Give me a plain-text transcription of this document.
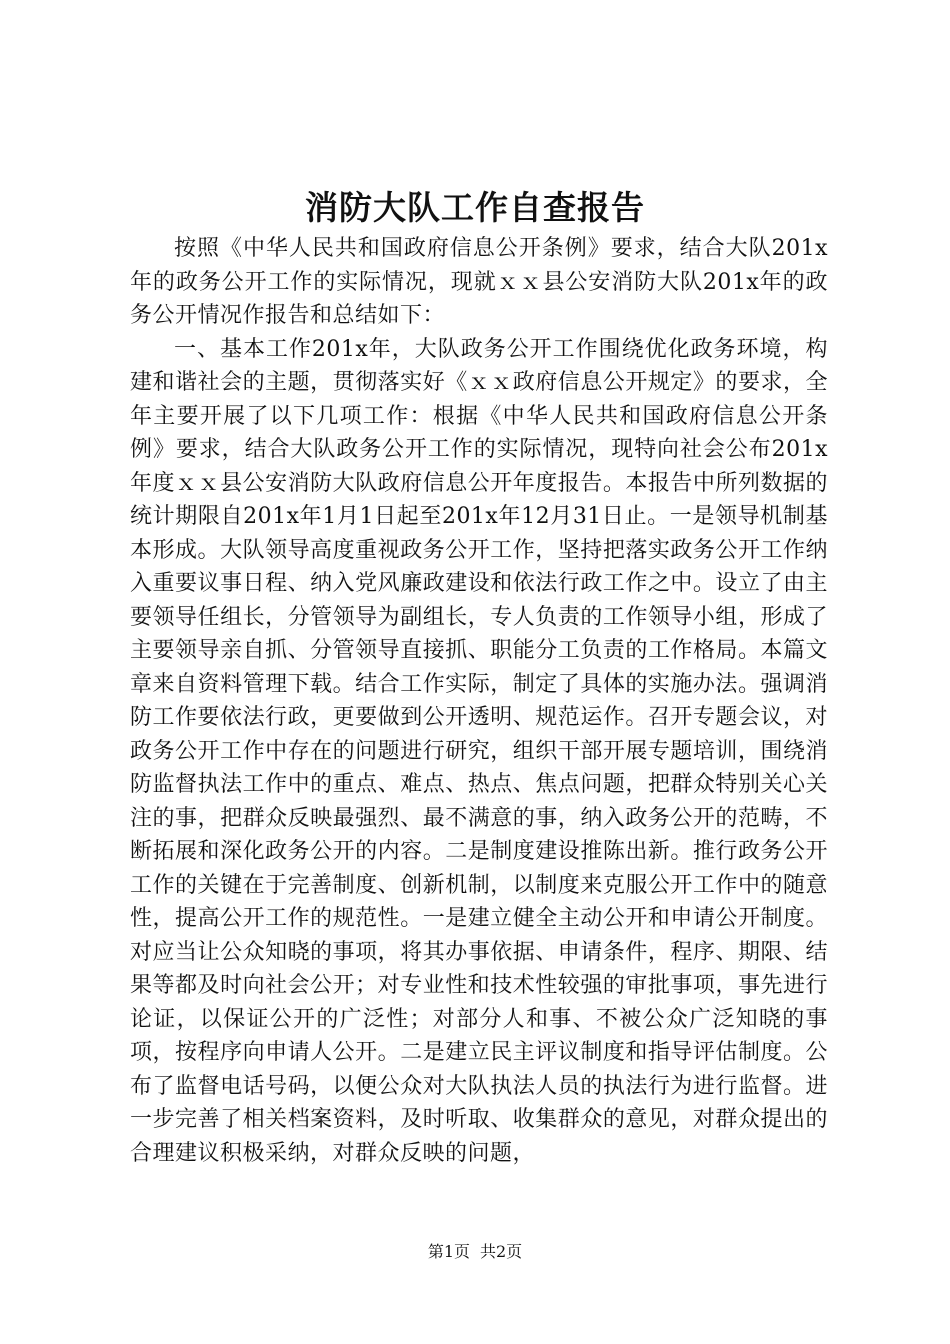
消防大队工作自查报告

按照《中华人民共和国政府信息公开条例》要求，结合大队201x年的政务公开工作的实际情况，现就ｘｘ县公安消防大队201x年的政务公开情况作报告和总结如下：

一、基本工作201x年，大队政务公开工作围绕优化政务环境，构建和谐社会的主题，贯彻落实好《ｘｘ政府信息公开规定》的要求，全年主要开展了以下几项工作：根据《中华人民共和国政府信息公开条例》要求，结合大队政务公开工作的实际情况，现特向社会公布201x年度ｘｘ县公安消防大队政府信息公开年度报告。本报告中所列数据的统计期限自201x年1月1日起至201x年12月31日止。一是领导机制基本形成。大队领导高度重视政务公开工作，坚持把落实政务公开工作纳入重要议事日程、纳入党风廉政建设和依法行政工作之中。设立了由主要领导任组长，分管领导为副组长，专人负责的工作领导小组，形成了主要领导亲自抓、分管领导直接抓、职能分工负责的工作格局。本篇文章来自资料管理下载。结合工作实际，制定了具体的实施办法。强调消防工作要依法行政，更要做到公开透明、规范运作。召开专题会议，对政务公开工作中存在的问题进行研究，组织干部开展专题培训，围绕消防监督执法工作中的重点、难点、热点、焦点问题，把群众特别关心关注的事，把群众反映最强烈、最不满意的事，纳入政务公开的范畴，不断拓展和深化政务公开的内容。二是制度建设推陈出新。推行政务公开工作的关键在于完善制度、创新机制，以制度来克服公开工作中的随意性，提高公开工作的规范性。一是建立健全主动公开和申请公开制度。对应当让公众知晓的事项，将其办事依据、申请条件，程序、期限、结果等都及时向社会公开；对专业性和技术性较强的审批事项，事先进行论证，以保证公开的广泛性；对部分人和事、不被公众广泛知晓的事项，按程序向申请人公开。二是建立民主评议制度和指导评估制度。公布了监督电话号码，以便公众对大队执法人员的执法行为进行监督。进一步完善了相关档案资料，及时听取、收集群众的意见，对群众提出的合理建议积极采纳，对群众反映的问题，

第1页 共2页
